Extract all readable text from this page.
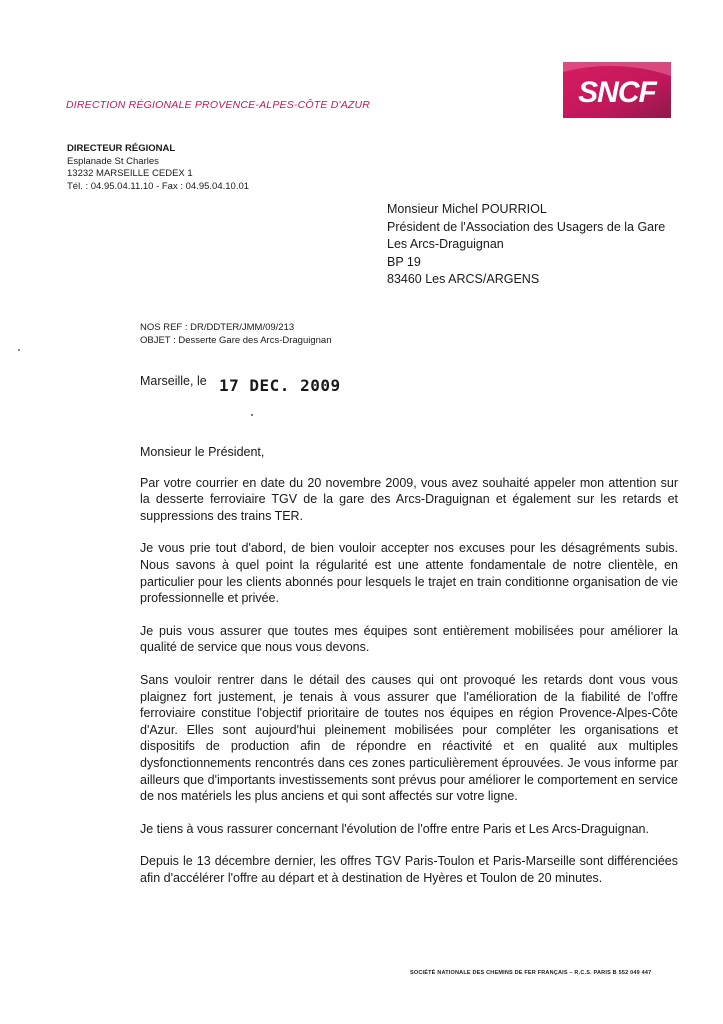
DIRECTION RÉGIONALE PROVENCE-ALPES-CÔTE D'AZUR	SNCF
DIRECTEUR RÉGIONAL
Esplanade St Charles
13232 MARSEILLE CEDEX 1
Tél. : 04.95.04.11.10 - Fax : 04.95.04.10.01
Monsieur Michel POURRIOL
Président de l'Association des Usagers de la Gare
Les Arcs-Draguignan
BP 19
83460 Les ARCS/ARGENS
NOS REF : DR/DDTER/JMM/09/213
OBJET : Desserte Gare des Arcs-Draguignan
Marseille, le 17 DEC. 2009

Monsieur le Président,

Par votre courrier en date du 20 novembre 2009, vous avez souhaité appeler mon attention sur la desserte ferroviaire TGV de la gare des Arcs-Draguignan et également sur les retards et suppressions des trains TER.

Je vous prie tout d'abord, de bien vouloir accepter nos excuses pour les désagréments subis. Nous savons à quel point la régularité est une attente fondamentale de notre clientèle, en particulier pour les clients abonnés pour lesquels le trajet en train conditionne organisation de vie professionnelle et privée.

Je puis vous assurer que toutes mes équipes sont entièrement mobilisées pour améliorer la qualité de service que nous vous devons.

Sans vouloir rentrer dans le détail des causes qui ont provoqué les retards dont vous vous plaignez fort justement, je tenais à vous assurer que l'amélioration de la fiabilité de l'offre ferroviaire constitue l'objectif prioritaire de toutes nos équipes en région Provence-Alpes-Côte d'Azur. Elles sont aujourd'hui pleinement mobilisées pour compléter les organisations et dispositifs de production afin de répondre en réactivité et en qualité aux multiples dysfonctionnements rencontrés dans ces zones particulièrement éprouvées. Je vous informe par ailleurs que d'importants investissements sont prévus pour améliorer le comportement en service de nos matériels les plus anciens et qui sont affectés sur votre ligne.

Je tiens à vous rassurer concernant l'évolution de l'offre entre Paris et Les Arcs-Draguignan.

Depuis le 13 décembre dernier, les offres TGV Paris-Toulon et Paris-Marseille sont différenciées afin d'accélérer l'offre au départ et à destination de Hyères et Toulon de 20 minutes.

SOCIÉTÉ NATIONALE DES CHEMINS DE FER FRANÇAIS – R.C.S. PARIS B 552 049 447
